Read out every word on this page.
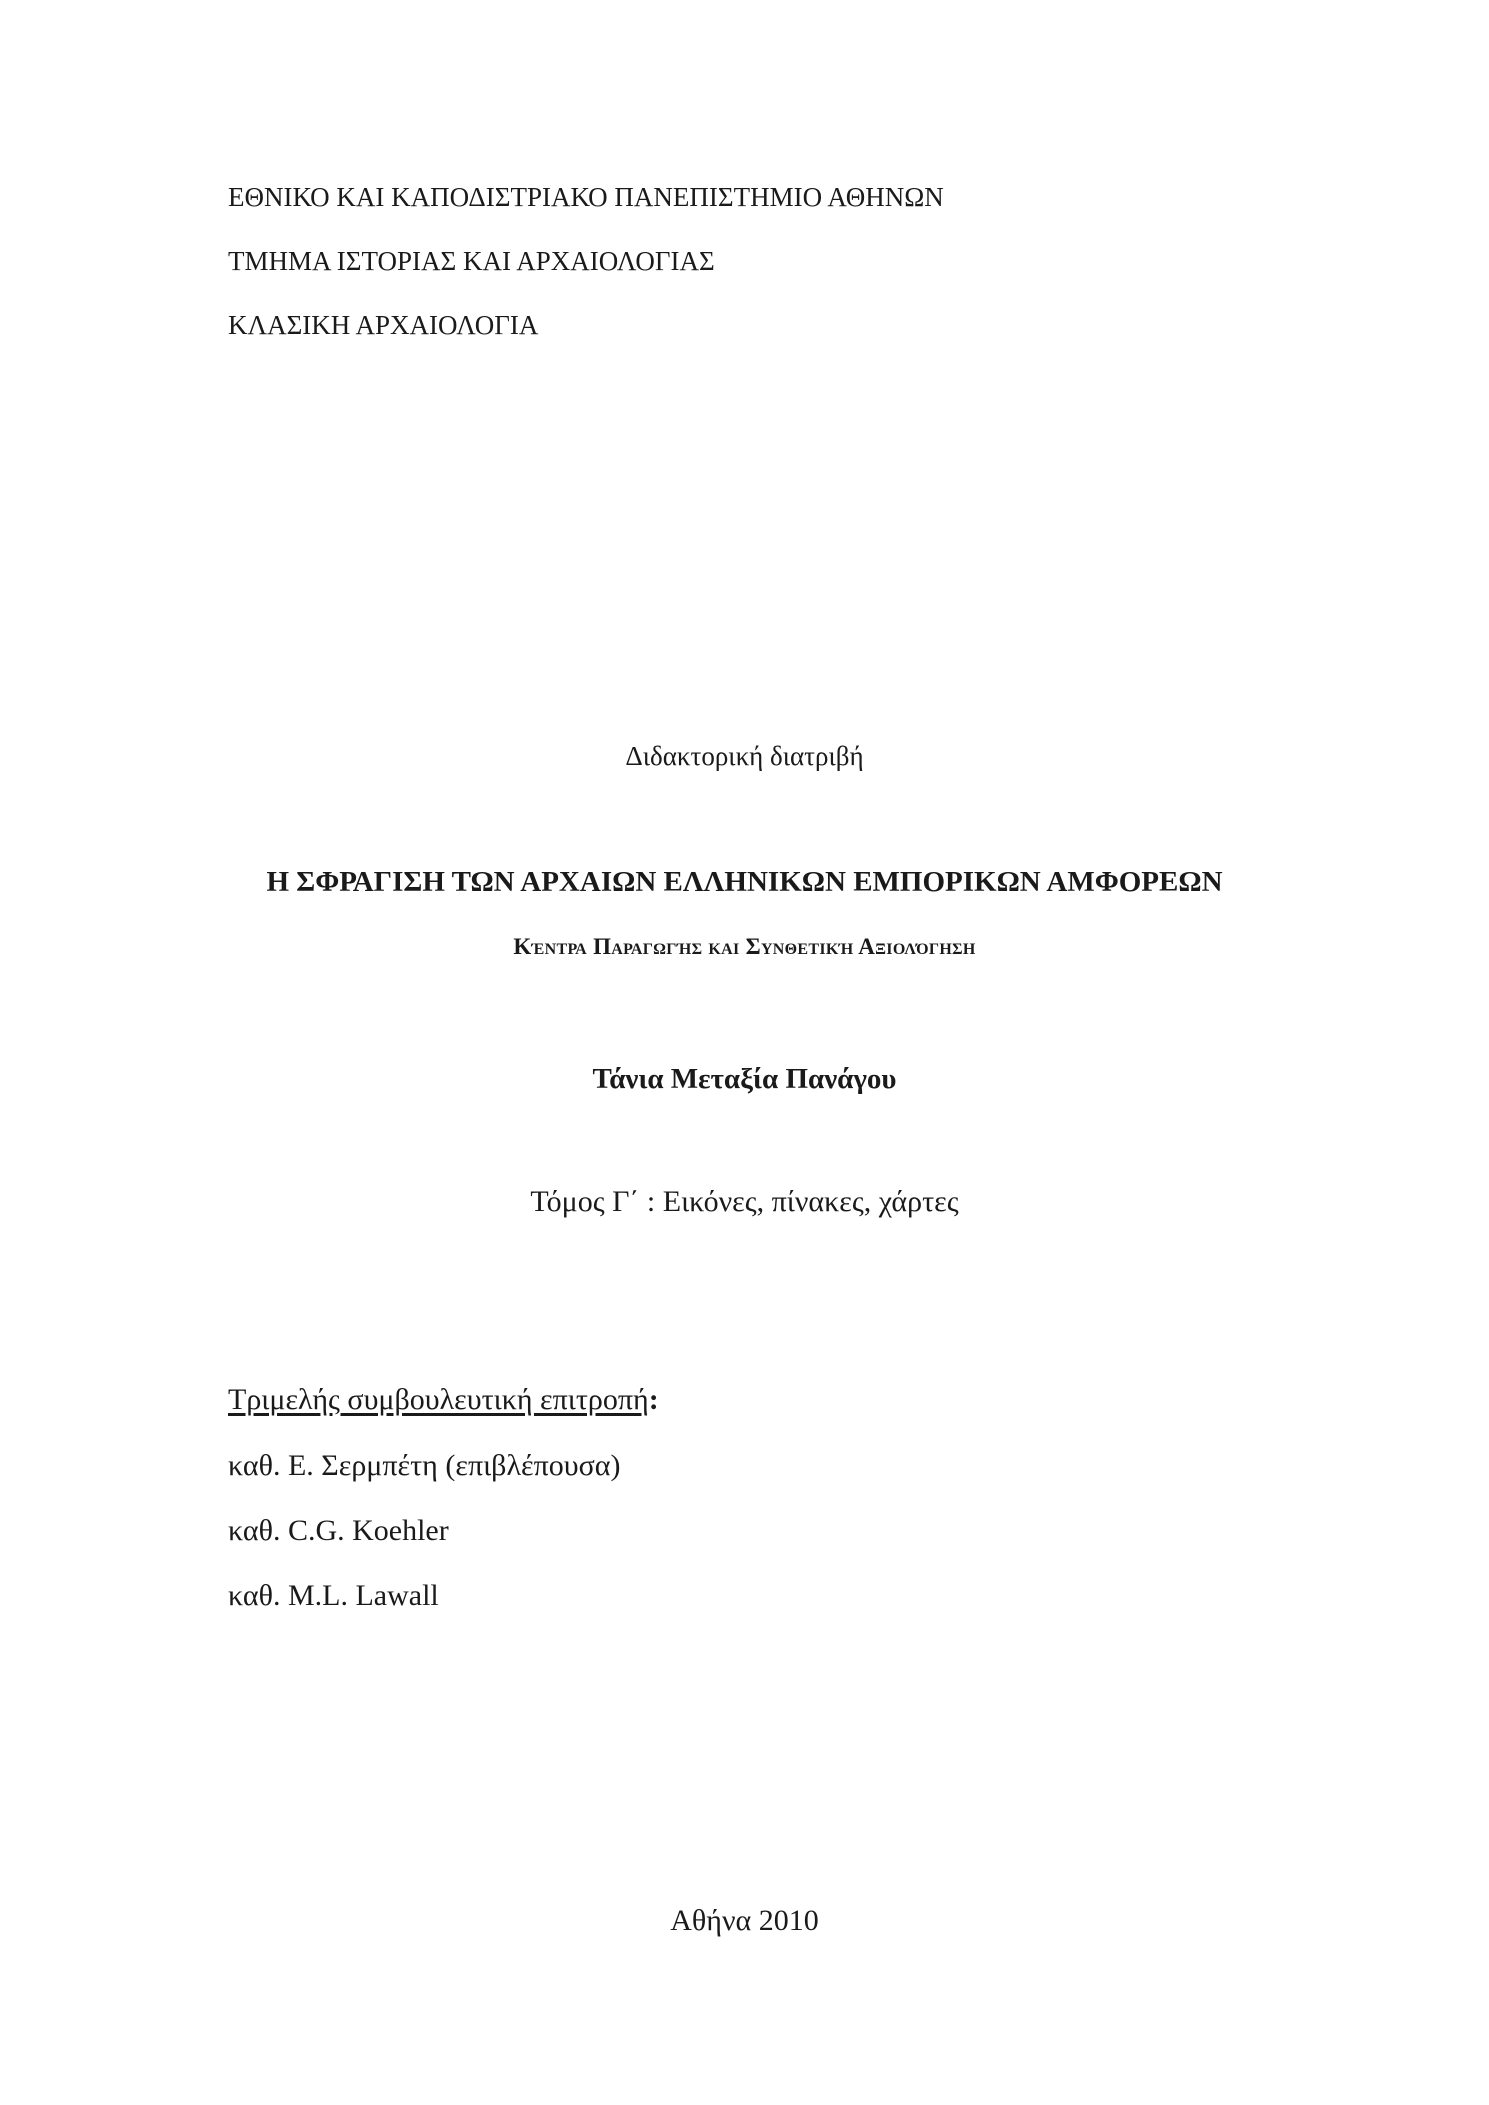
ΕΘΝΙΚΟ ΚΑΙ ΚΑΠΟΔΙΣΤΡΙΑΚΟ ΠΑΝΕΠΙΣΤΗΜΙΟ ΑΘΗΝΩΝ
ΤΜΗΜΑ ΙΣΤΟΡΙΑΣ ΚΑΙ ΑΡΧΑΙΟΛΟΓΙΑΣ
ΚΛΑΣΙΚΗ ΑΡΧΑΙΟΛΟΓΙΑ
Διδακτορική διατριβή
Η ΣΦΡΑΓΙΣΗ ΤΩΝ ΑΡΧΑΙΩΝ ΕΛΛΗΝΙΚΩΝ ΕΜΠΟΡΙΚΩΝ ΑΜΦΟΡΕΩΝ
Κέντρα Παραγωγής και Συνθετική Αξιολόγηση
Τάνια Μεταξία Πανάγου
Τόμος Γ΄ : Εικόνες, πίνακες, χάρτες
Τριμελής συμβουλευτική επιτροπή:
καθ. Ε. Σερμπέτη (επιβλέπουσα)
καθ. C.G. Koehler
καθ. M.L. Lawall
Αθήνα 2010
